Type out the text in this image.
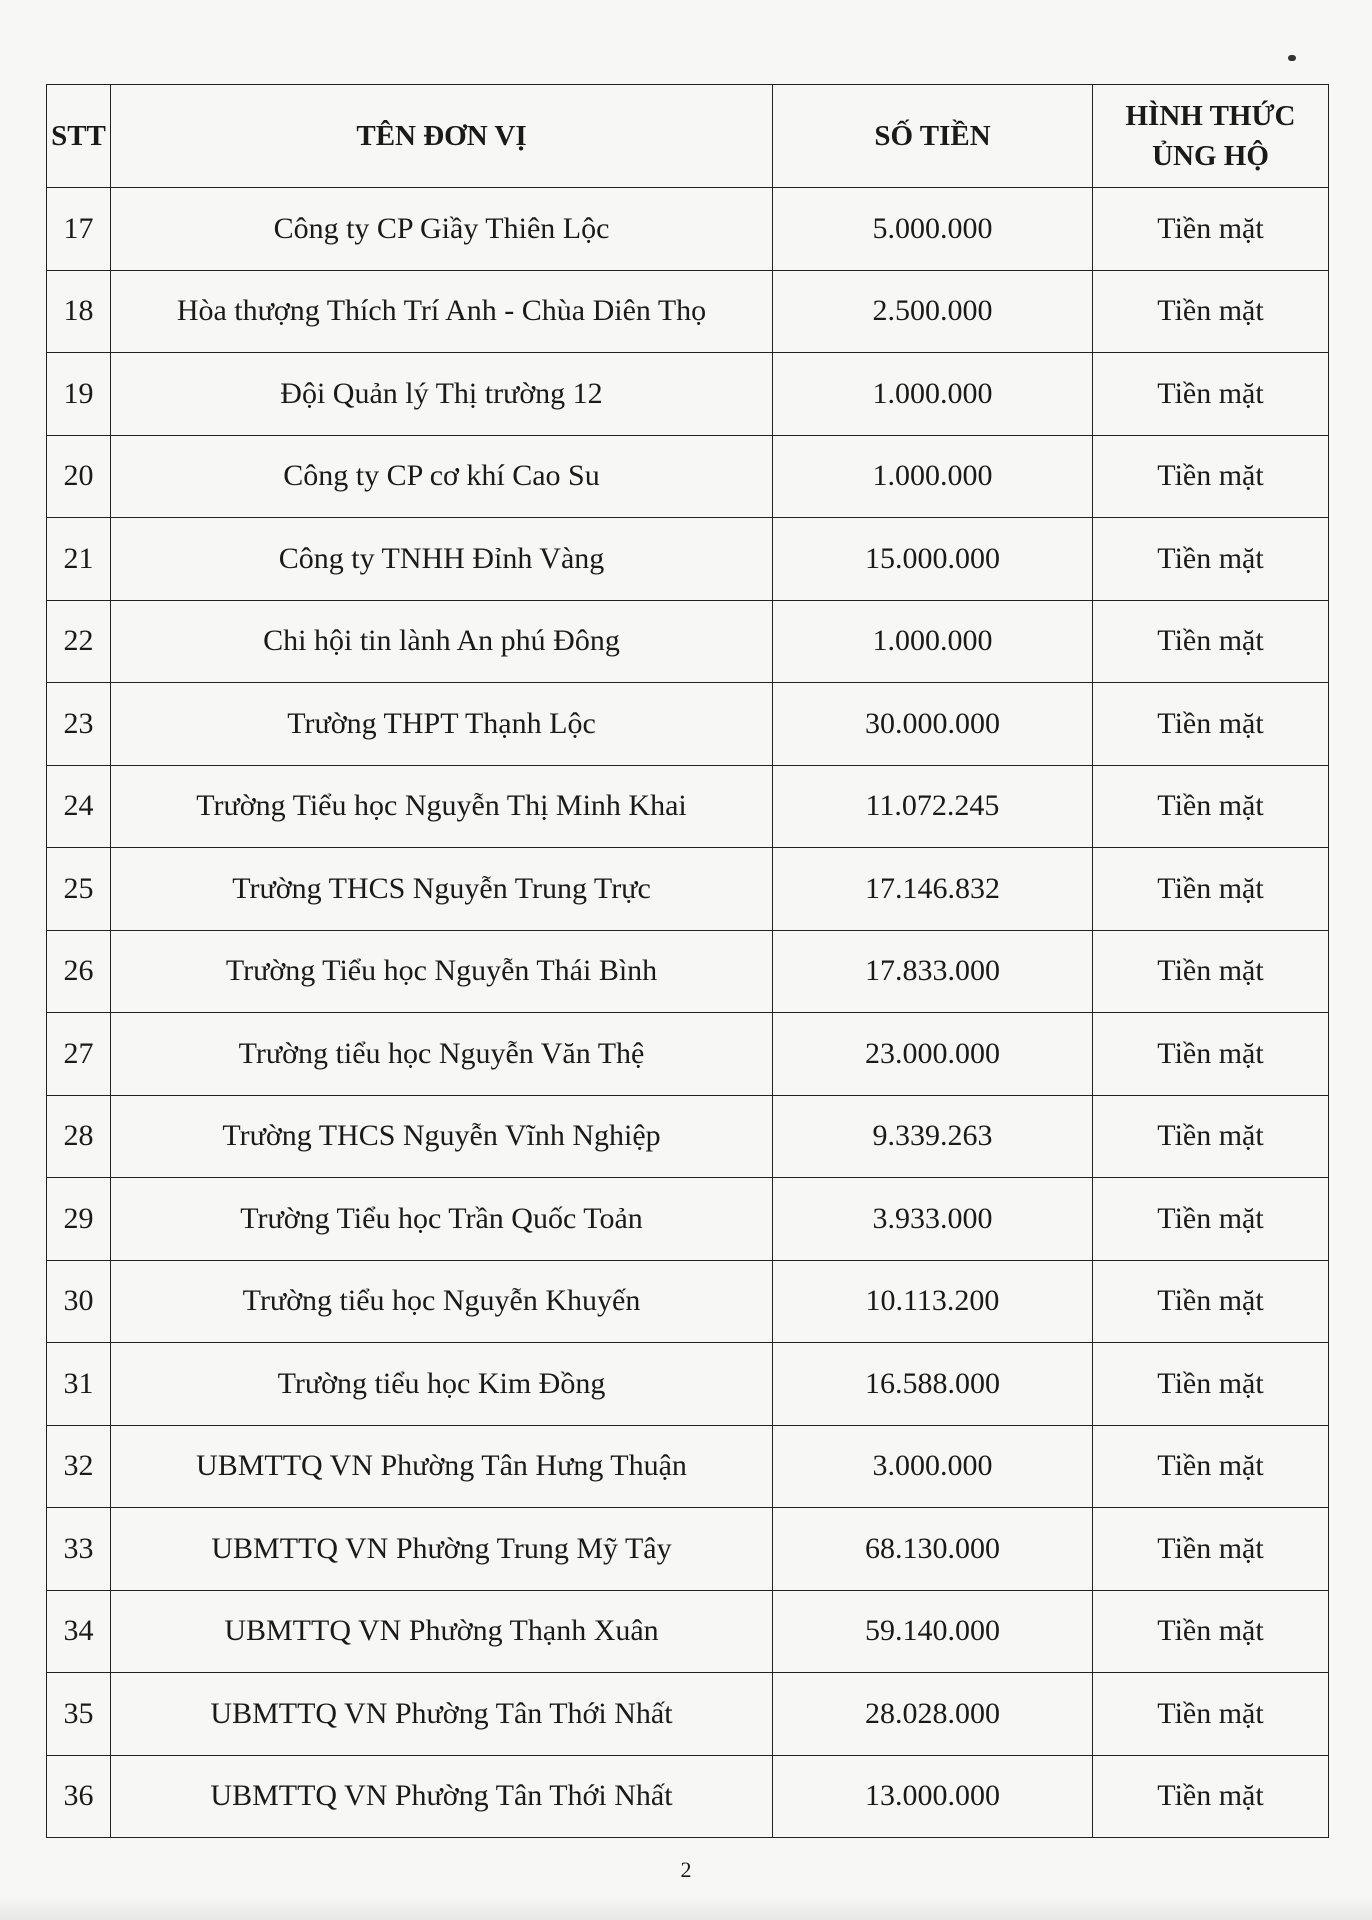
STT	TÊN ĐƠN VỊ	SỐ TIỀN	HÌNH THỨC
ỦNG HỘ

17	Công ty CP Giầy Thiên Lộc	5.000.000	Tiền mặt
18	Hòa thượng Thích Trí Anh - Chùa Diên Thọ	2.500.000	Tiền mặt
19	Đội Quản lý Thị trường 12	1.000.000	Tiền mặt
20	Công ty CP cơ khí Cao Su	1.000.000	Tiền mặt
21	Công ty TNHH Đỉnh Vàng	15.000.000	Tiền mặt
22	Chi hội tin lành An phú Đông	1.000.000	Tiền mặt
23	Trường THPT Thạnh Lộc	30.000.000	Tiền mặt
24	Trường Tiểu học Nguyễn Thị Minh Khai	11.072.245	Tiền mặt
25	Trường THCS Nguyễn Trung Trực	17.146.832	Tiền mặt
26	Trường Tiểu học Nguyễn Thái Bình	17.833.000	Tiền mặt
27	Trường tiểu học Nguyễn Văn Thệ	23.000.000	Tiền mặt
28	Trường THCS Nguyễn Vĩnh Nghiệp	9.339.263	Tiền mặt
29	Trường Tiểu học Trần Quốc Toản	3.933.000	Tiền mặt
30	Trường tiểu học Nguyễn Khuyến	10.113.200	Tiền mặt
31	Trường tiểu học Kim Đồng	16.588.000	Tiền mặt
32	UBMTTQ VN Phường Tân Hưng Thuận	3.000.000	Tiền mặt
33	UBMTTQ VN Phường Trung Mỹ Tây	68.130.000	Tiền mặt
34	UBMTTQ VN Phường Thạnh Xuân	59.140.000	Tiền mặt
35	UBMTTQ VN Phường Tân Thới Nhất	28.028.000	Tiền mặt
36	UBMTTQ VN Phường Tân Thới Nhất	13.000.000	Tiền mặt
2
